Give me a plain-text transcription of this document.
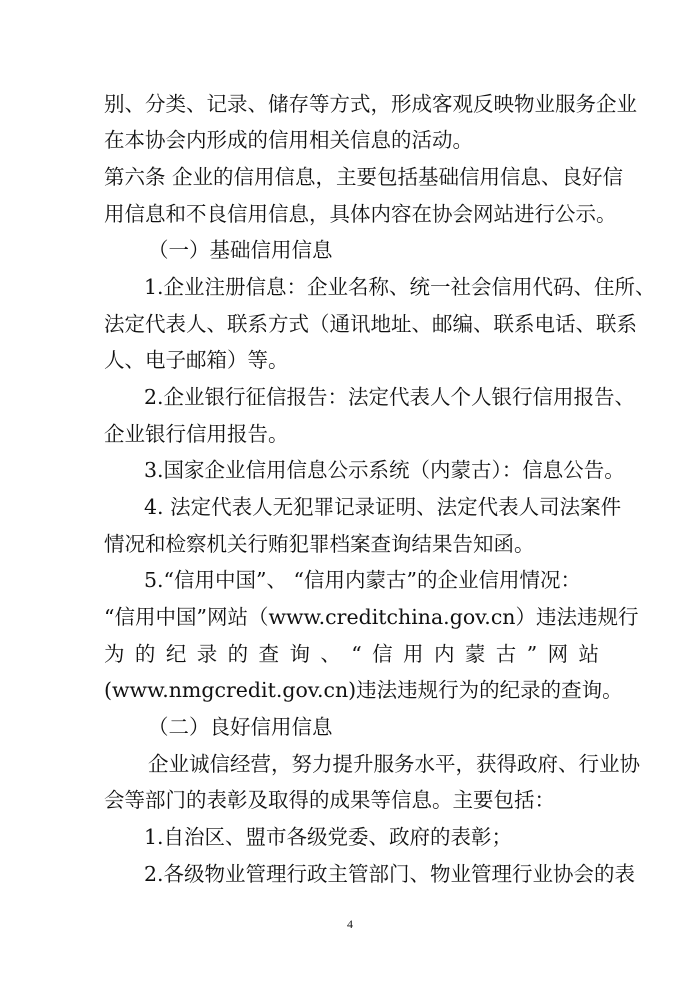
别、分类、记录、储存等方式，形成客观反映物业服务企业
在本协会内形成的信用相关信息的活动。
第六条 企业的信用信息，主要包括基础信用信息、良好信
用信息和不良信用信息，具体内容在协会网站进行公示。
（一）基础信用信息
1.企业注册信息：企业名称、统一社会信用代码、住所、
法定代表人、联系方式（通讯地址、邮编、联系电话、联系
人、电子邮箱）等。
2.企业银行征信报告：法定代表人个人银行信用报告、
企业银行信用报告。
3.国家企业信用信息公示系统（内蒙古）：信息公告。
4. 法定代表人无犯罪记录证明、法定代表人司法案件
情况和检察机关行贿犯罪档案查询结果告知函。
5.“信用中国”、 “信用内蒙古”的企业信用情况：
“信用中国”网站（www.creditchina.gov.cn）违法违规行
为的纪录的查询、“信用内蒙古”网站
(www.nmgcredit.gov.cn)违法违规行为的纪录的查询。
（二）良好信用信息
企业诚信经营，努力提升服务水平，获得政府、行业协
会等部门的表彰及取得的成果等信息。主要包括：
1.自治区、盟市各级党委、政府的表彰；
2.各级物业管理行政主管部门、物业管理行业协会的表
4
